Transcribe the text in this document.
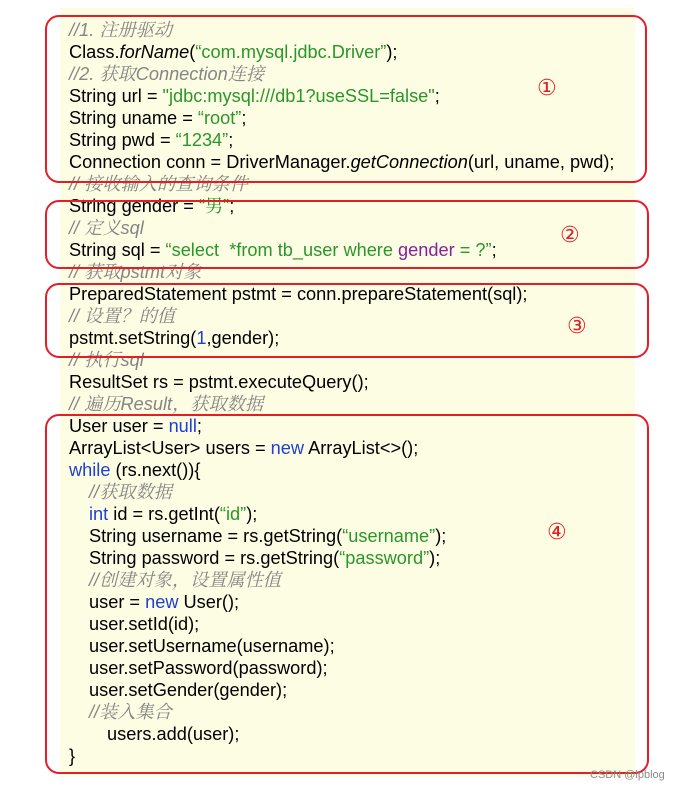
//1. 注册驱动
Class.forName(“com.mysql.jdbc.Driver”);
//2. 获取Connection连接
String url = "jdbc:mysql:///db1?useSSL=false";
String uname = “root”;
String pwd = “1234”;
Connection conn = DriverManager.getConnection(url, uname, pwd);
// 接收输入的查询条件
String gender = “男”;
// 定义sql
String sql = “select  *from tb_user where gender = ?”;
// 获取pstmt对象
PreparedStatement pstmt = conn.prepareStatement(sql);
// 设置？的值
pstmt.setString(1,gender);
// 执行sql
ResultSet rs = pstmt.executeQuery();
// 遍历Result，获取数据
User user = null;
ArrayList<User> users = new ArrayList<>();
while (rs.next()){
//获取数据
int id = rs.getInt(“id”);
String username = rs.getString(“username”);
String password = rs.getString(“password”);
//创建对象，设置属性值
user = new User();
user.setId(id);
user.setUsername(username);
user.setPassword(password);
user.setGender(gender);
//装入集合
users.add(user);
}
①
②
③
④
CSDN @lpblog
